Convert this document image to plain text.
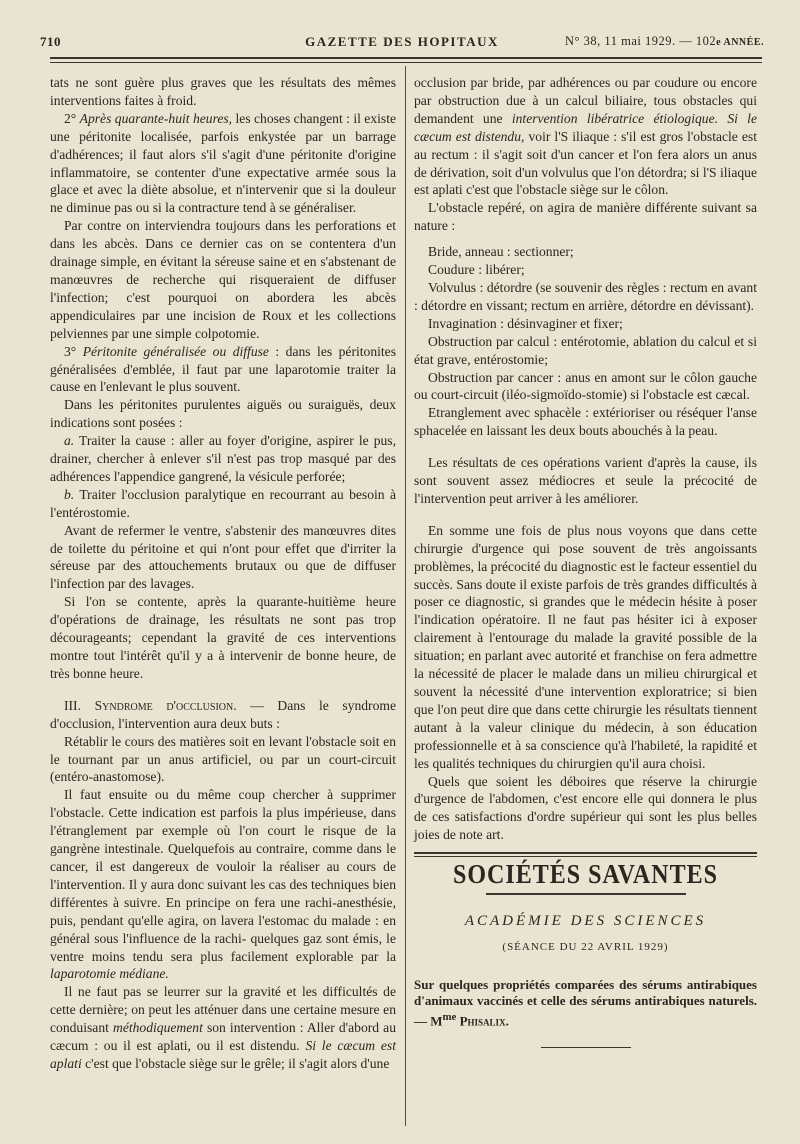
710	GAZETTE DES HOPITAUX	N° 38, 11 mai 1929. — 102e ANNÉE.

tats ne sont guère plus graves que les résultats des mêmes interventions faites à froid.

2° Après quarante-huit heures, les choses changent : il existe une péritonite localisée, parfois enkystée par un barrage d'adhérences; il faut alors s'il s'agit d'une péritonite d'origine inflammatoire, se contenter d'une expectative armée sous la glace et avec la diète absolue, et n'intervenir que si la douleur ne diminue pas ou si la contracture tend à se généraliser.

Par contre on interviendra toujours dans les perforations et dans les abcès. Dans ce dernier cas on se contentera d'un drainage simple, en évitant la séreuse saine et en s'abstenant de manœuvres de recherche qui risqueraient de diffuser l'infection; c'est pourquoi on abordera les abcès appendiculaires par une incision de Roux et les collections pelviennes par une simple colpotomie.

3° Péritonite généralisée ou diffuse : dans les péritonites généralisées d'emblée, il faut par une laparotomie traiter la cause en l'enlevant le plus souvent.

Dans les péritonites purulentes aiguës ou suraiguës, deux indications sont posées :

a. Traiter la cause : aller au foyer d'origine, aspirer le pus, drainer, chercher à enlever s'il n'est pas trop masqué par des adhérences l'appendice gangrené, la vésicule perforée;

b. Traiter l'occlusion paralytique en recourrant au besoin à l'entérostomie.

Avant de refermer le ventre, s'abstenir des manœuvres dites de toilette du péritoine et qui n'ont pour effet que d'irriter la séreuse par des attouchements brutaux ou que de diffuser l'infection par des lavages.

Si l'on se contente, après la quarante-huitième heure d'opérations de drainage, les résultats ne sont pas trop décourageants; cependant la gravité de ces interventions montre tout l'intérêt qu'il y a à intervenir de bonne heure, de très bonne heure.

III. Syndrome d'occlusion. — Dans le syndrome d'occlusion, l'intervention aura deux buts :

Rétablir le cours des matières soit en levant l'obstacle soit en le tournant par un anus artificiel, ou par un court-circuit (entéro-anastomose).

Il faut ensuite ou du même coup chercher à supprimer l'obstacle. Cette indication est parfois la plus impérieuse, dans l'étranglement par exemple où l'on court le risque de la gangrène intestinale. Quelquefois au contraire, comme dans le cancer, il est dangereux de vouloir la réaliser au cours de l'intervention. Il y aura donc suivant les cas des techniques bien différentes à suivre. En principe on fera une rachi-anesthésie, puis, pendant qu'elle agira, on lavera l'estomac du malade : en général sous l'influence de la rachi- quelques gaz sont émis, le ventre moins tendu sera plus facilement explorable par la laparotomie médiane.

Il ne faut pas se leurrer sur la gravité et les difficultés de cette dernière; on peut les atténuer dans une certaine mesure en conduisant méthodiquement son intervention : Aller d'abord au cæcum : ou il est aplati, ou il est distendu. Si le cæcum est aplati c'est que l'obstacle siège sur le grêle; il s'agit alors d'une

occlusion par bride, par adhérences ou par coudure ou encore par obstruction due à un calcul biliaire, tous obstacles qui demandent une intervention libératrice étiologique. Si le cæcum est distendu, voir l'S iliaque : s'il est gros l'obstacle est au rectum : il s'agit soit d'un cancer et l'on fera alors un anus de dérivation, soit d'un volvulus que l'on détordra; si l'S iliaque est aplati c'est que l'obstacle siège sur le côlon.

L'obstacle repéré, on agira de manière différente suivant sa nature :

Bride, anneau : sectionner;

Coudure : libérer;

Volvulus : détordre (se souvenir des règles : rectum en avant : détordre en vissant; rectum en arrière, détordre en dévissant).

Invagination : désinvaginer et fixer;

Obstruction par calcul : entérotomie, ablation du calcul et si état grave, entérostomie;

Obstruction par cancer : anus en amont sur le côlon gauche ou court-circuit (iléo-sigmoïdo-stomie) si l'obstacle est cæcal.

Etranglement avec sphacèle : extérioriser ou réséquer l'anse sphacelée en laissant les deux bouts abouchés à la peau.

Les résultats de ces opérations varient d'après la cause, ils sont souvent assez médiocres et seule la précocité de l'intervention peut arriver à les améliorer.

En somme une fois de plus nous voyons que dans cette chirurgie d'urgence qui pose souvent de très angoissants problèmes, la précocité du diagnostic est le facteur essentiel du succès. Sans doute il existe parfois de très grandes difficultés à poser ce diagnostic, si grandes que le médecin hésite à poser l'indication opératoire. Il ne faut pas hésiter ici à exposer clairement à l'entourage du malade la gravité possible de la situation; en parlant avec autorité et franchise on fera admettre la nécessité de placer le malade dans un milieu chirurgical et souvent la nécessité d'une intervention exploratrice; si bien que l'on peut dire que dans cette chirurgie les résultats tiennent autant à la valeur clinique du médecin, à son éducation professionnelle et à sa conscience qu'à l'habileté, la rapidité et les qualités techniques du chirurgien qu'il aura choisi.

Quels que soient les déboires que réserve la chirurgie d'urgence de l'abdomen, c'est encore elle qui donnera le plus de ces satisfactions d'ordre supérieur qui sont les plus belles joies de note art.

SOCIÉTÉS SAVANTES
ACADÉMIE DES SCIENCES
(SÉANCE DU 22 AVRIL 1929)

Sur quelques propriétés comparées des sérums antirabiques d'animaux vaccinés et celle des sérums antirabiques naturels. — $M^{me}$ Phisalix.
